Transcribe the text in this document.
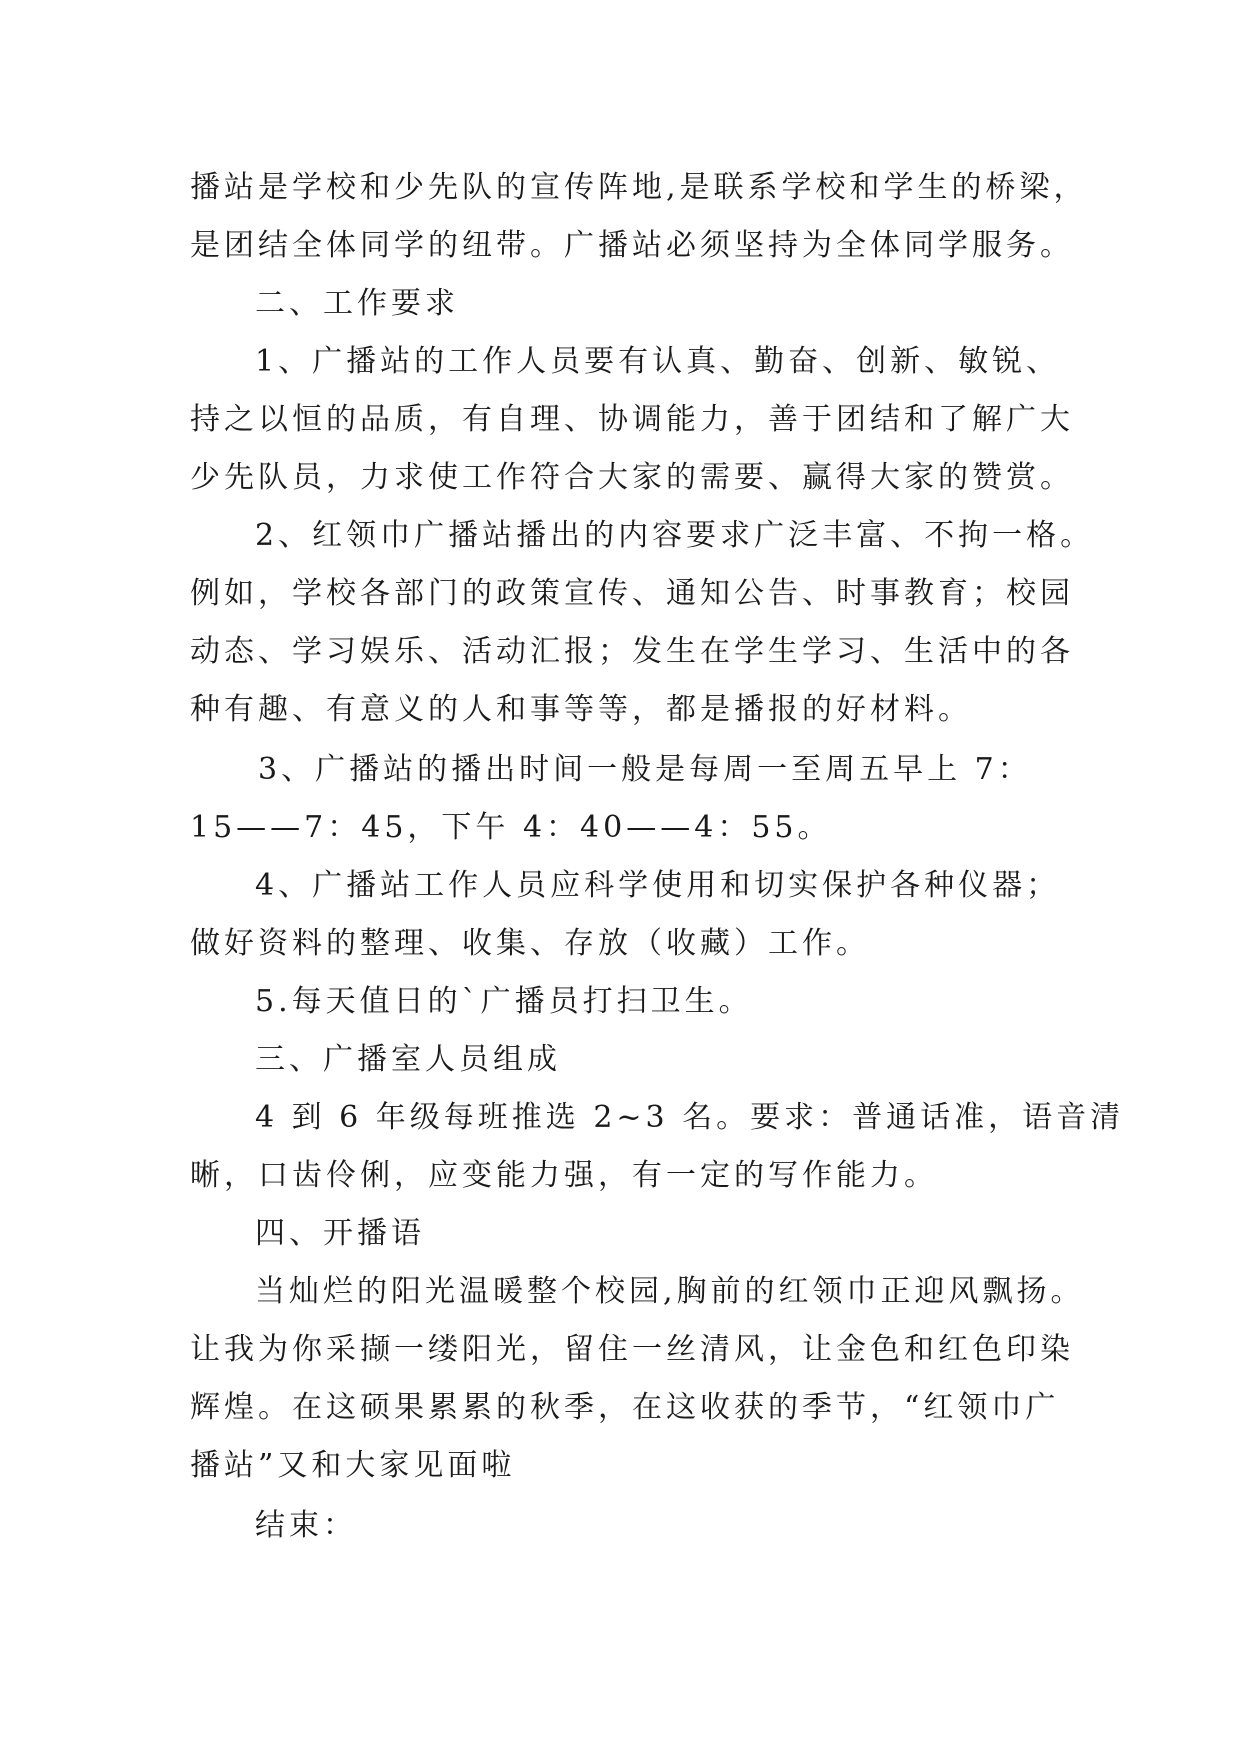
播站是学校和少先队的宣传阵地,是联系学校和学生的桥梁，
是团结全体同学的纽带。广播站必须坚持为全体同学服务。
二、工作要求
1、广播站的工作人员要有认真、勤奋、创新、敏锐、
持之以恒的品质，有自理、协调能力，善于团结和了解广大
少先队员，力求使工作符合大家的需要、赢得大家的赞赏。
2、红领巾广播站播出的内容要求广泛丰富、不拘一格。
例如，学校各部门的政策宣传、通知公告、时事教育；校园
动态、学习娱乐、活动汇报；发生在学生学习、生活中的各
种有趣、有意义的人和事等等，都是播报的好材料。
3、广播站的播出时间一般是每周一至周五早上 7：
15——7：45，下午 4：40——4：55。
4、广播站工作人员应科学使用和切实保护各种仪器；
做好资料的整理、收集、存放（收藏）工作。
5.每天值日的`广播员打扫卫生。
三、广播室人员组成
4 到 6 年级每班推选 2~3 名。要求：普通话准，语音清
晰，口齿伶俐，应变能力强，有一定的写作能力。
四、开播语
当灿烂的阳光温暖整个校园,胸前的红领巾正迎风飘扬。
让我为你采撷一缕阳光，留住一丝清风，让金色和红色印染
辉煌。在这硕果累累的秋季，在这收获的季节，“红领巾广
播站”又和大家见面啦
结束：
